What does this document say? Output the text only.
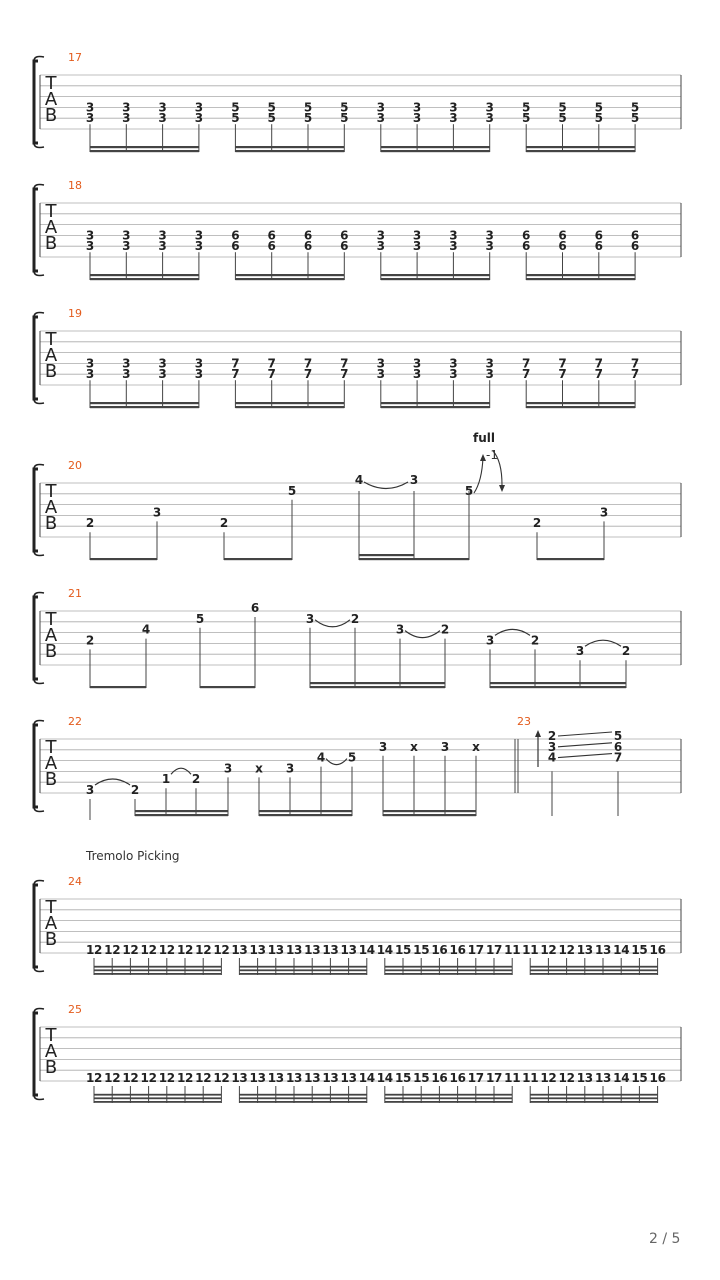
T
A
B
17
3
3
3
3
3
3
3
3
5
5
5
5
5
5
5
5
3
3
3
3
3
3
3
3
5
5
5
5
5
5
5
5
T
A
B
18
3
3
3
3
3
3
3
3
6
6
6
6
6
6
6
6
3
3
3
3
3
3
3
3
6
6
6
6
6
6
6
6
T
A
B
19
3
3
3
3
3
3
3
3
7
7
7
7
7
7
7
7
3
3
3
3
3
3
3
3
7
7
7
7
7
7
7
7
T
A
B
20
2
3
2
5
4	3
5
2
3
full
-1
T
A
B
21
2
4
5
6
3	2
3	2
3	2
3	2
T
A
B
22
3	2
1 2
3 x 3
4 5
3 x 3 x
23
2
3
4
5
6
7
Tremolo Picking
T
A
B
24
12 12 12 12 12 12 12 12 13 13 13 13 13 13 13 14 14 15 15 16 16 17 17 11 11 12 12 13 13 14 15 16
T
A
B
25
12 12 12 12 12 12 12 12 13 13 13 13 13 13 13 14 14 15 15 16 16 17 17 11 11 12 12 13 13 14 15 16
2 / 5
